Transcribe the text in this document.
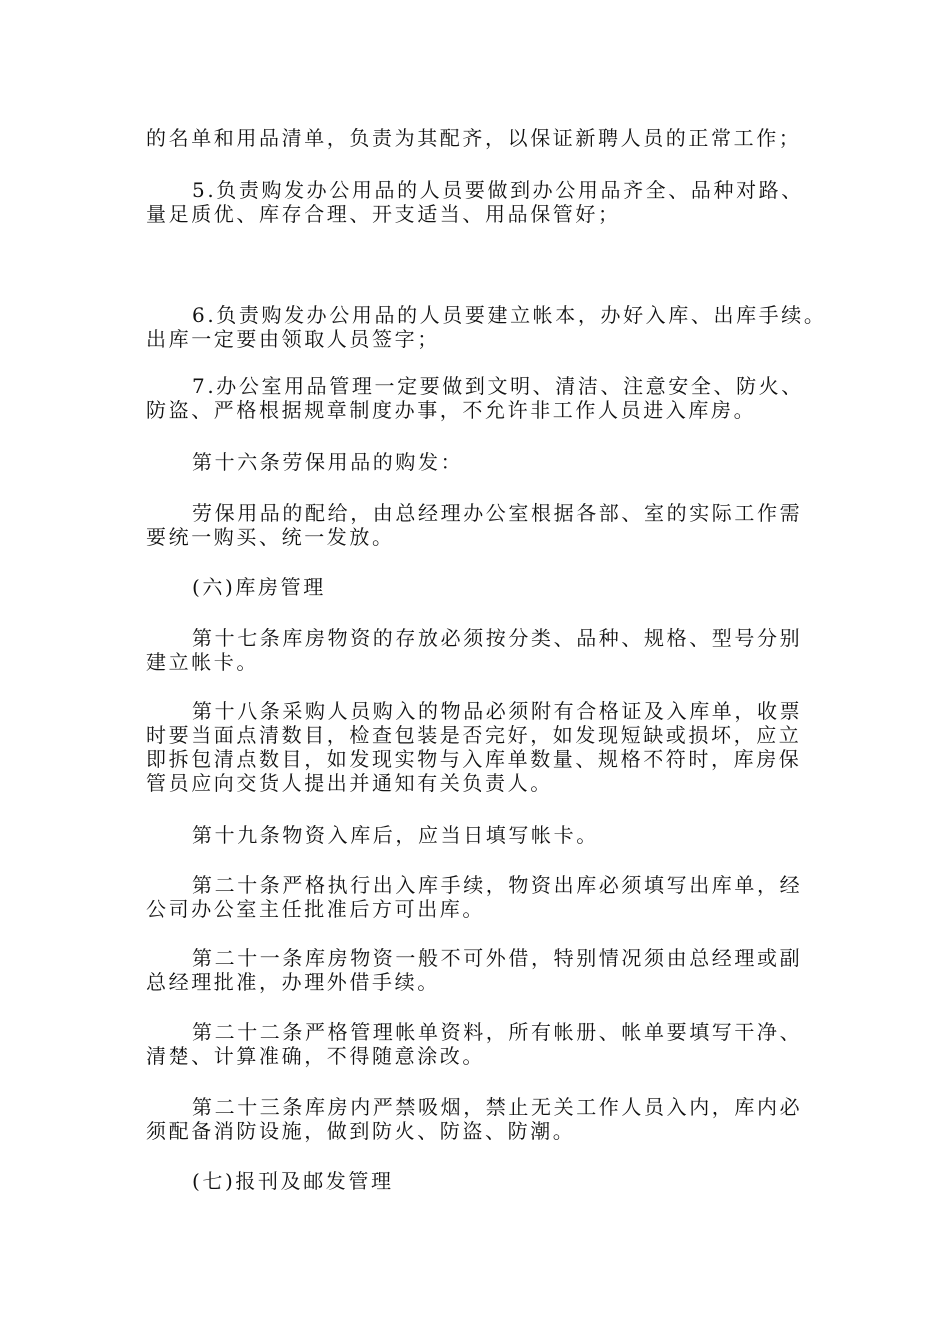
的名单和用品清单，负责为其配齐，以保证新聘人员的正常工作；

5.负责购发办公用品的人员要做到办公用品齐全、品种对路、
量足质优、库存合理、开支适当、用品保管好；

6.负责购发办公用品的人员要建立帐本，办好入库、出库手续。
出库一定要由领取人员签字；

7.办公室用品管理一定要做到文明、清洁、注意安全、防火、
防盗、严格根据规章制度办事，不允许非工作人员进入库房。

第十六条劳保用品的购发：

劳保用品的配给，由总经理办公室根据各部、室的实际工作需
要统一购买、统一发放。

(六)库房管理

第十七条库房物资的存放必须按分类、品种、规格、型号分别
建立帐卡。

第十八条采购人员购入的物品必须附有合格证及入库单，收票
时要当面点清数目，检查包装是否完好，如发现短缺或损坏，应立
即拆包清点数目，如发现实物与入库单数量、规格不符时，库房保
管员应向交货人提出并通知有关负责人。

第十九条物资入库后，应当日填写帐卡。

第二十条严格执行出入库手续，物资出库必须填写出库单，经
公司办公室主任批准后方可出库。

第二十一条库房物资一般不可外借，特别情况须由总经理或副
总经理批准，办理外借手续。

第二十二条严格管理帐单资料，所有帐册、帐单要填写干净、
清楚、计算准确，不得随意涂改。

第二十三条库房内严禁吸烟，禁止无关工作人员入内，库内必
须配备消防设施，做到防火、防盗、防潮。

(七)报刊及邮发管理
